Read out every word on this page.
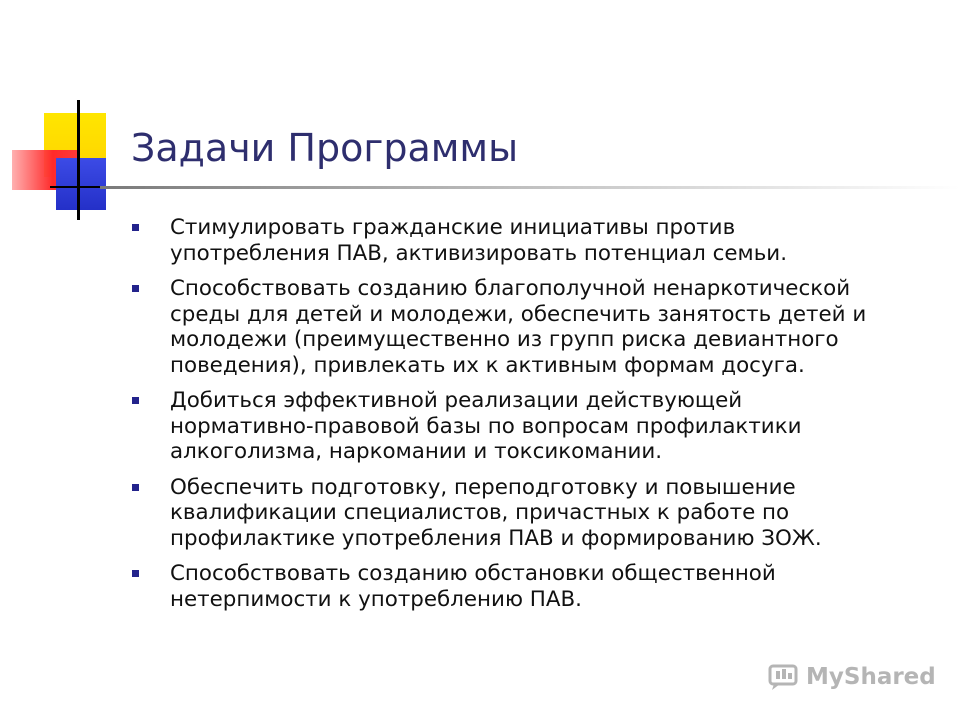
Задачи Программы
Стимулировать гражданские инициативы против
употребления ПАВ, активизировать потенциал семьи.
Способствовать созданию благополучной ненаркотической
среды для детей и молодежи, обеспечить занятость детей и
молодежи (преимущественно из групп риска девиантного
поведения), привлекать их к активным формам досуга.
Добиться эффективной реализации действующей
нормативно-правовой базы по вопросам профилактики
алкоголизма, наркомании и токсикомании.
Обеспечить подготовку, переподготовку и повышение
квалификации специалистов, причастных к работе по
профилактике употребления ПАВ и формированию ЗОЖ.
Способствовать созданию обстановки общественной
нетерпимости к употреблению ПАВ.
MyShared
